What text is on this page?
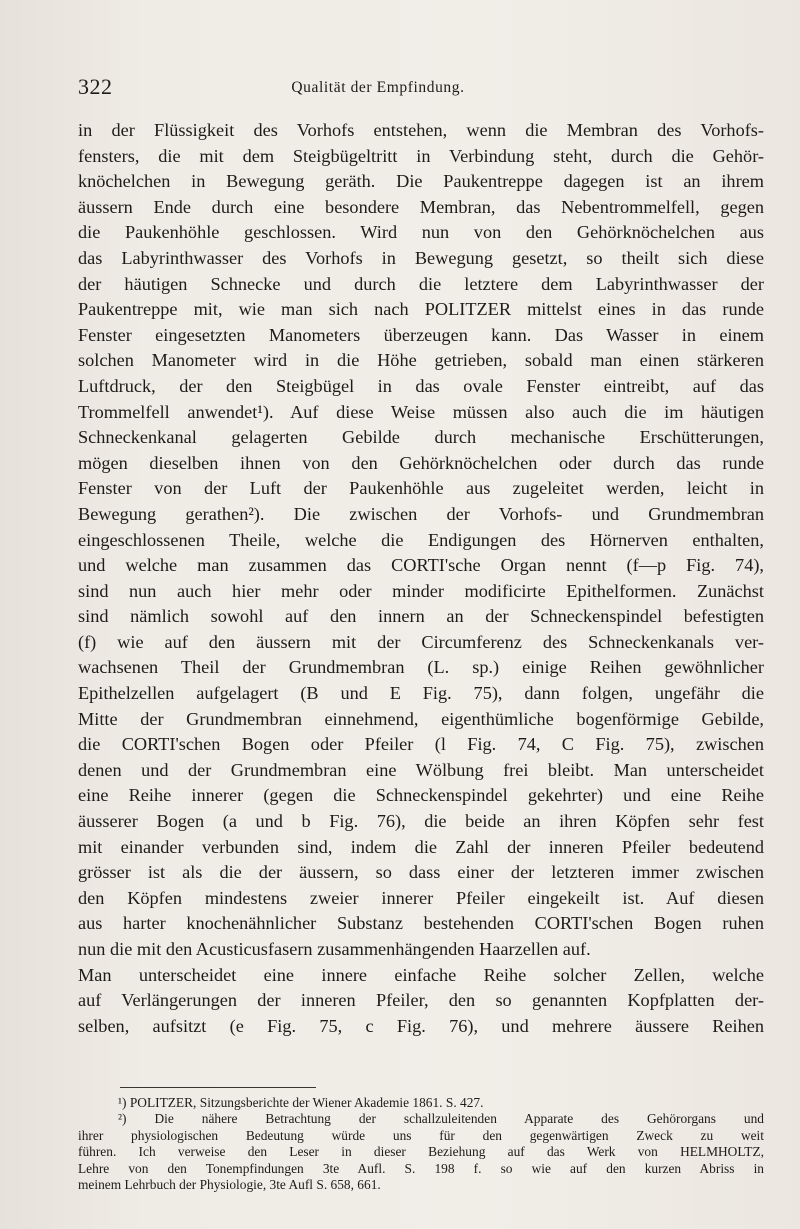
322	Qualität der Empfindung.
in der Flüssigkeit des Vorhofs entstehen, wenn die Membran des Vorhofs-
fensters, die mit dem Steigbügeltritt in Verbindung steht, durch die Gehör-
knöchelchen in Bewegung geräth. Die Paukentreppe dagegen ist an ihrem
äussern Ende durch eine besondere Membran, das Nebentrommelfell, gegen
die Paukenhöhle geschlossen. Wird nun von den Gehörknöchelchen aus
das Labyrinthwasser des Vorhofs in Bewegung gesetzt, so theilt sich diese
der häutigen Schnecke und durch die letztere dem Labyrinthwasser der
Paukentreppe mit, wie man sich nach POLITZER mittelst eines in das runde
Fenster eingesetzten Manometers überzeugen kann. Das Wasser in einem
solchen Manometer wird in die Höhe getrieben, sobald man einen stärkeren
Luftdruck, der den Steigbügel in das ovale Fenster eintreibt, auf das
Trommelfell anwendet¹). Auf diese Weise müssen also auch die im häutigen
Schneckenkanal gelagerten Gebilde durch mechanische Erschütterungen,
mögen dieselben ihnen von den Gehörknöchelchen oder durch das runde
Fenster von der Luft der Paukenhöhle aus zugeleitet werden, leicht in
Bewegung gerathen²). Die zwischen der Vorhofs- und Grundmembran
eingeschlossenen Theile, welche die Endigungen des Hörnerven enthalten,
und welche man zusammen das CORTI'sche Organ nennt (f—p Fig. 74),
sind nun auch hier mehr oder minder modificirte Epithelformen. Zunächst
sind nämlich sowohl auf den innern an der Schneckenspindel befestigten
(f) wie auf den äussern mit der Circumferenz des Schneckenkanals ver-
wachsenen Theil der Grundmembran (L. sp.) einige Reihen gewöhnlicher
Epithelzellen aufgelagert (B und E Fig. 75), dann folgen, ungefähr die
Mitte der Grundmembran einnehmend, eigenthümliche bogenförmige Gebilde,
die CORTI'schen Bogen oder Pfeiler (l Fig. 74, C Fig. 75), zwischen
denen und der Grundmembran eine Wölbung frei bleibt. Man unterscheidet
eine Reihe innerer (gegen die Schneckenspindel gekehrter) und eine Reihe
äusserer Bogen (a und b Fig. 76), die beide an ihren Köpfen sehr fest
mit einander verbunden sind, indem die Zahl der inneren Pfeiler bedeutend
grösser ist als die der äussern, so dass einer der letzteren immer zwischen
den Köpfen mindestens zweier innerer Pfeiler eingekeilt ist. Auf diesen
aus harter knochenähnlicher Substanz bestehenden CORTI'schen Bogen ruhen
nun die mit den Acusticusfasern zusammenhängenden Haarzellen auf.
Man unterscheidet eine innere einfache Reihe solcher Zellen, welche
auf Verlängerungen der inneren Pfeiler, den so genannten Kopfplatten der-
selben, aufsitzt (e Fig. 75, c Fig. 76), und mehrere äussere Reihen
¹) POLITZER, Sitzungsberichte der Wiener Akademie 1861. S. 427.
²) Die nähere Betrachtung der schallzuleitenden Apparate des Gehörorgans und
ihrer physiologischen Bedeutung würde uns für den gegenwärtigen Zweck zu weit
führen. Ich verweise den Leser in dieser Beziehung auf das Werk von HELMHOLTZ,
Lehre von den Tonempfindungen 3te Aufl. S. 198 f. so wie auf den kurzen Abriss in
meinem Lehrbuch der Physiologie, 3te Aufl S. 658, 661.
